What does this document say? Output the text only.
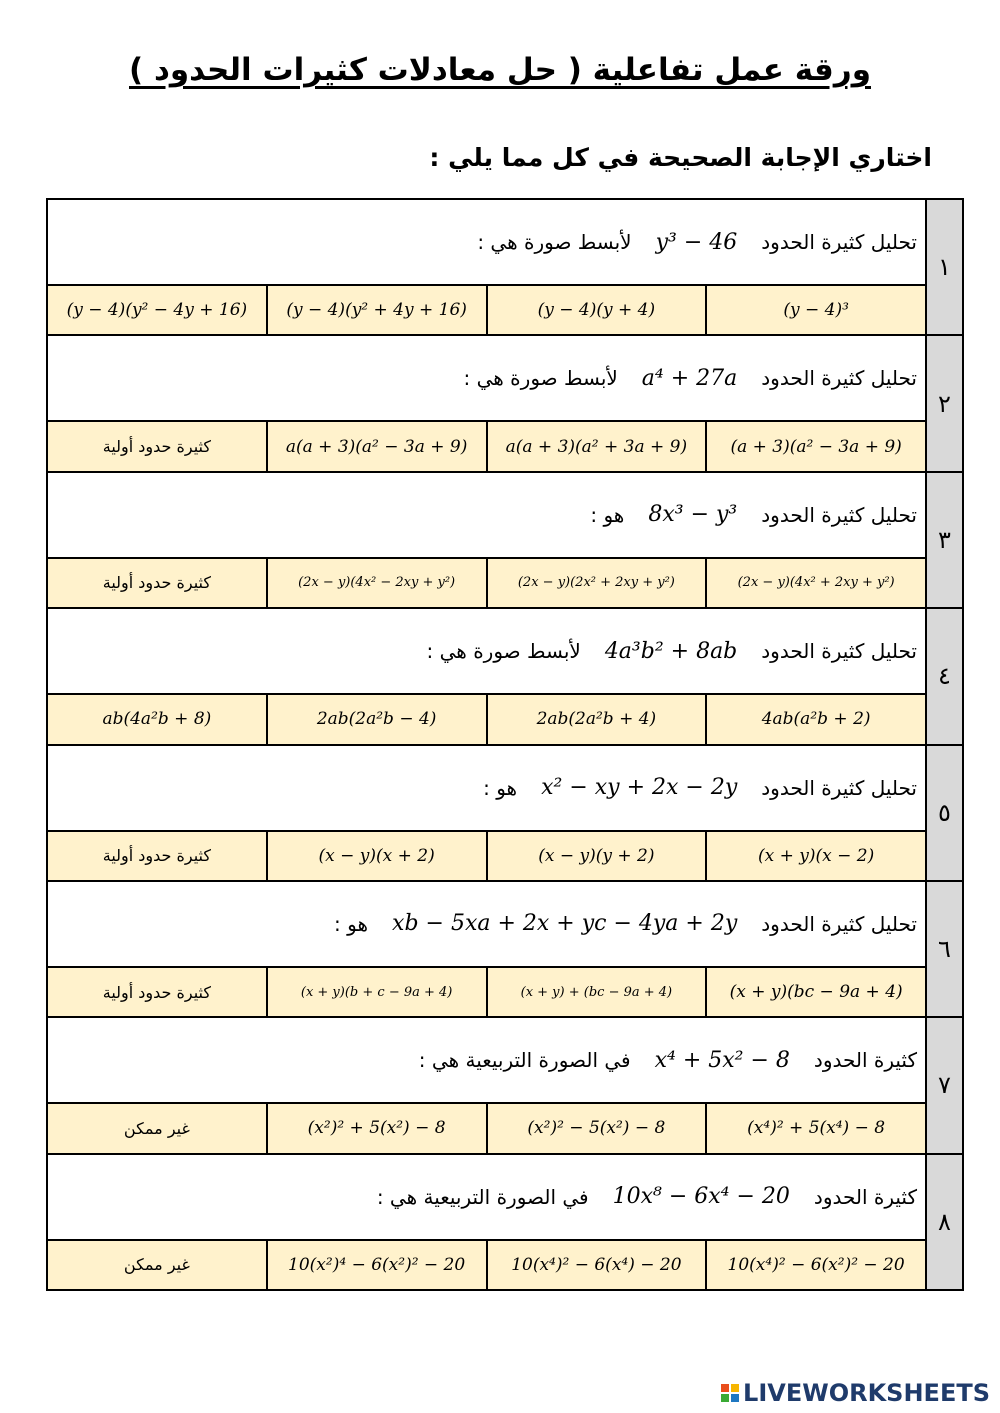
ورقة عمل تفاعلية ( حل معادلات كثيرات الحدود )
اختاري الإجابة الصحيحة في كل مما يلي :
تحليل كثيرة الحدود
y³ − 46
لأبسط صورة هي :
(y − 4)³
(y − 4)(y + 4)
(y − 4)(y² + 4y + 16)
(y − 4)(y² − 4y + 16)
١
تحليل كثيرة الحدود
a⁴ + 27a
لأبسط صورة هي :
(a + 3)(a² − 3a + 9)
a(a + 3)(a² + 3a + 9)
a(a + 3)(a² − 3a + 9)
كثيرة حدود أولية
٢
تحليل كثيرة الحدود
8x³ − y³
هو :
(2x − y)(4x² + 2xy + y²)
(2x − y)(2x² + 2xy + y²)
(2x − y)(4x² − 2xy + y²)
كثيرة حدود أولية
٣
تحليل كثيرة الحدود
4a³b² + 8ab
لأبسط صورة هي :
4ab(a²b + 2)
2ab(2a²b + 4)
2ab(2a²b − 4)
ab(4a²b + 8)
٤
تحليل كثيرة الحدود
x² − xy + 2x − 2y
هو :
(x + y)(x − 2)
(x − y)(y + 2)
(x − y)(x + 2)
كثيرة حدود أولية
٥
تحليل كثيرة الحدود
xb − 5xa + 2x + yc − 4ya + 2y
هو :
(x + y)(bc − 9a + 4)
(x + y) + (bc − 9a + 4)
(x + y)(b + c − 9a + 4)
كثيرة حدود أولية
٦
كثيرة الحدود
x⁴ + 5x² − 8
في الصورة التربيعية هي :
(x⁴)² + 5(x⁴) − 8
(x²)² − 5(x²) − 8
(x²)² + 5(x²) − 8
غير ممكن
٧
كثيرة الحدود
10x⁸ − 6x⁴ − 20
في الصورة التربيعية هي :
10(x⁴)² − 6(x²)² − 20
10(x⁴)² − 6(x⁴) − 20
10(x²)⁴ − 6(x²)² − 20
غير ممكن
٨
LIVEWORKSHEETS
